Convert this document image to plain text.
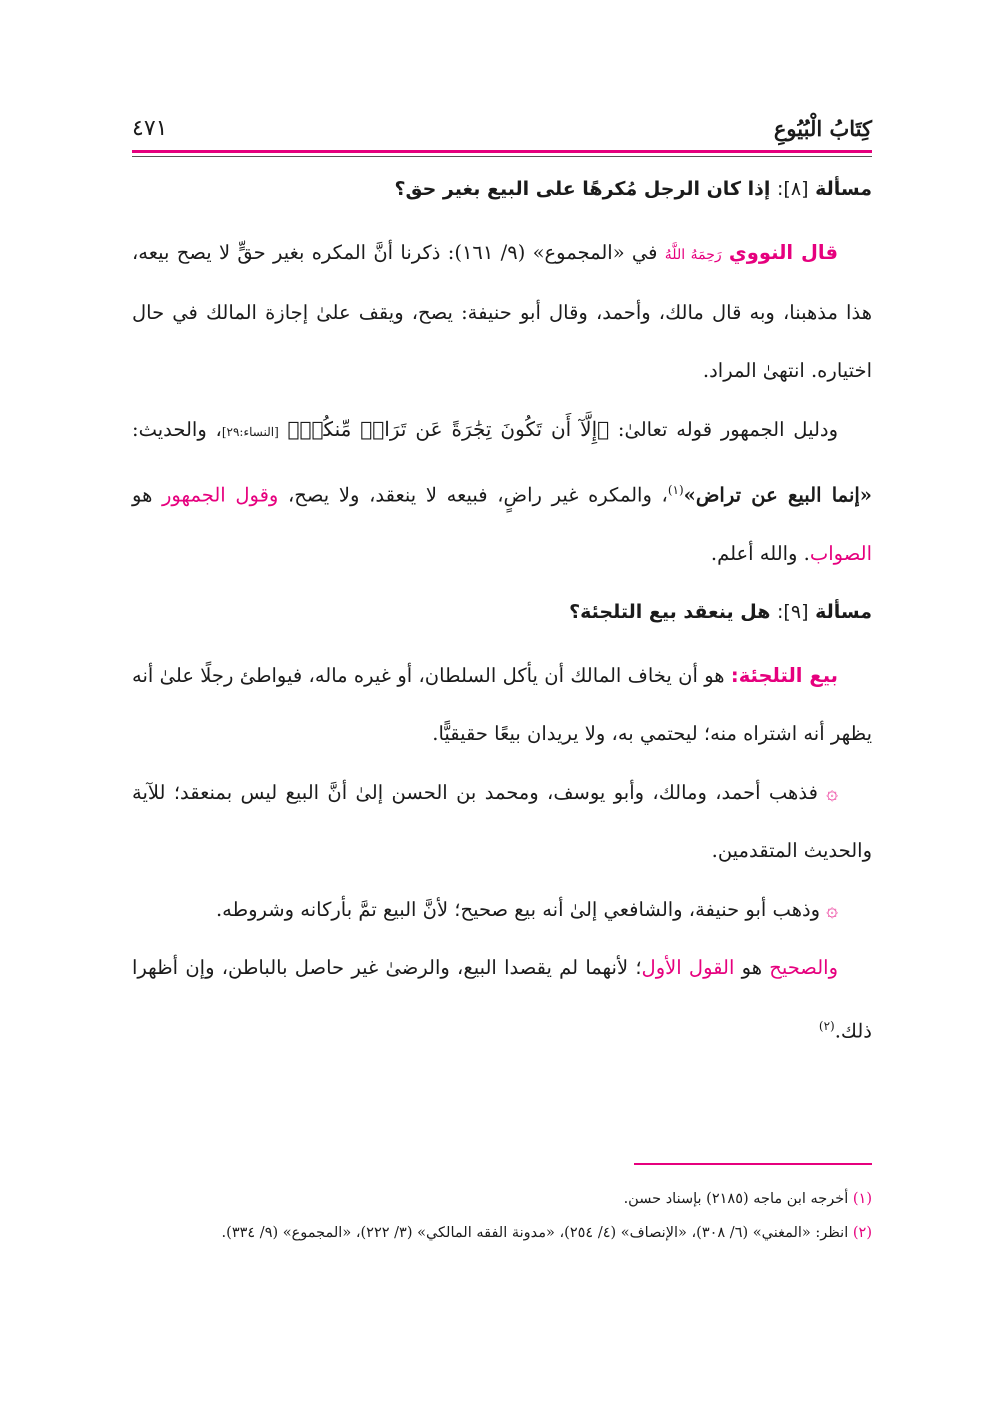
كِتَابُ الْبُيُوعِ
٤٧١
مسألة [٨]: إذا كان الرجل مُكرهًا على البيع بغير حق؟

قال النووي رَحِمَهُ اللَّهُ في «المجموع» (٩/ ١٦١): ذكرنا أنَّ المكره بغير حقٍّ لا يصح بيعه، هذا مذهبنا، وبه قال مالك، وأحمد، وقال أبو حنيفة: يصح، ويقف علىٰ إجازة المالك في حال اختياره. انتهىٰ المراد.

ودليل الجمهور قوله تعالىٰ: ﴿إِلَّآ أَن تَكُونَ تِجَٰرَةً عَن تَرَاضٖ مِّنكُمۡ﴾ [النساء:٢٩]، والحديث: «إنما البيع عن تراض»$^{(١)}$، والمكره غير راضٍ، فبيعه لا ينعقد، ولا يصح، وقول الجمهور هو الصواب. والله أعلم.

مسألة [٩]: هل ينعقد بيع التلجئة؟

بيع التلجئة: هو أن يخاف المالك أن يأكل السلطان، أو غيره ماله، فيواطئ رجلًا علىٰ أنه يظهر أنه اشتراه منه؛ ليحتمي به، ولا يريدان بيعًا حقيقيًّا.

۞ فذهب أحمد، ومالك، وأبو يوسف، ومحمد بن الحسن إلىٰ أنَّ البيع ليس بمنعقد؛ للآية والحديث المتقدمين.

۞ وذهب أبو حنيفة، والشافعي إلىٰ أنه بيع صحيح؛ لأنَّ البيع تمَّ بأركانه وشروطه.

والصحيح هو القول الأول؛ لأنهما لم يقصدا البيع، والرضىٰ غير حاصل بالباطن، وإن أظهرا ذلك.$^{(٢)}$

(١) أخرجه ابن ماجه (٢١٨٥) بإسناد حسن.

(٢) انظر: «المغني» (٦/ ٣٠٨)، «الإنصاف» (٤/ ٢٥٤)، «مدونة الفقه المالكي» (٣/ ٢٢٢)، «المجموع» (٩/ ٣٣٤).
